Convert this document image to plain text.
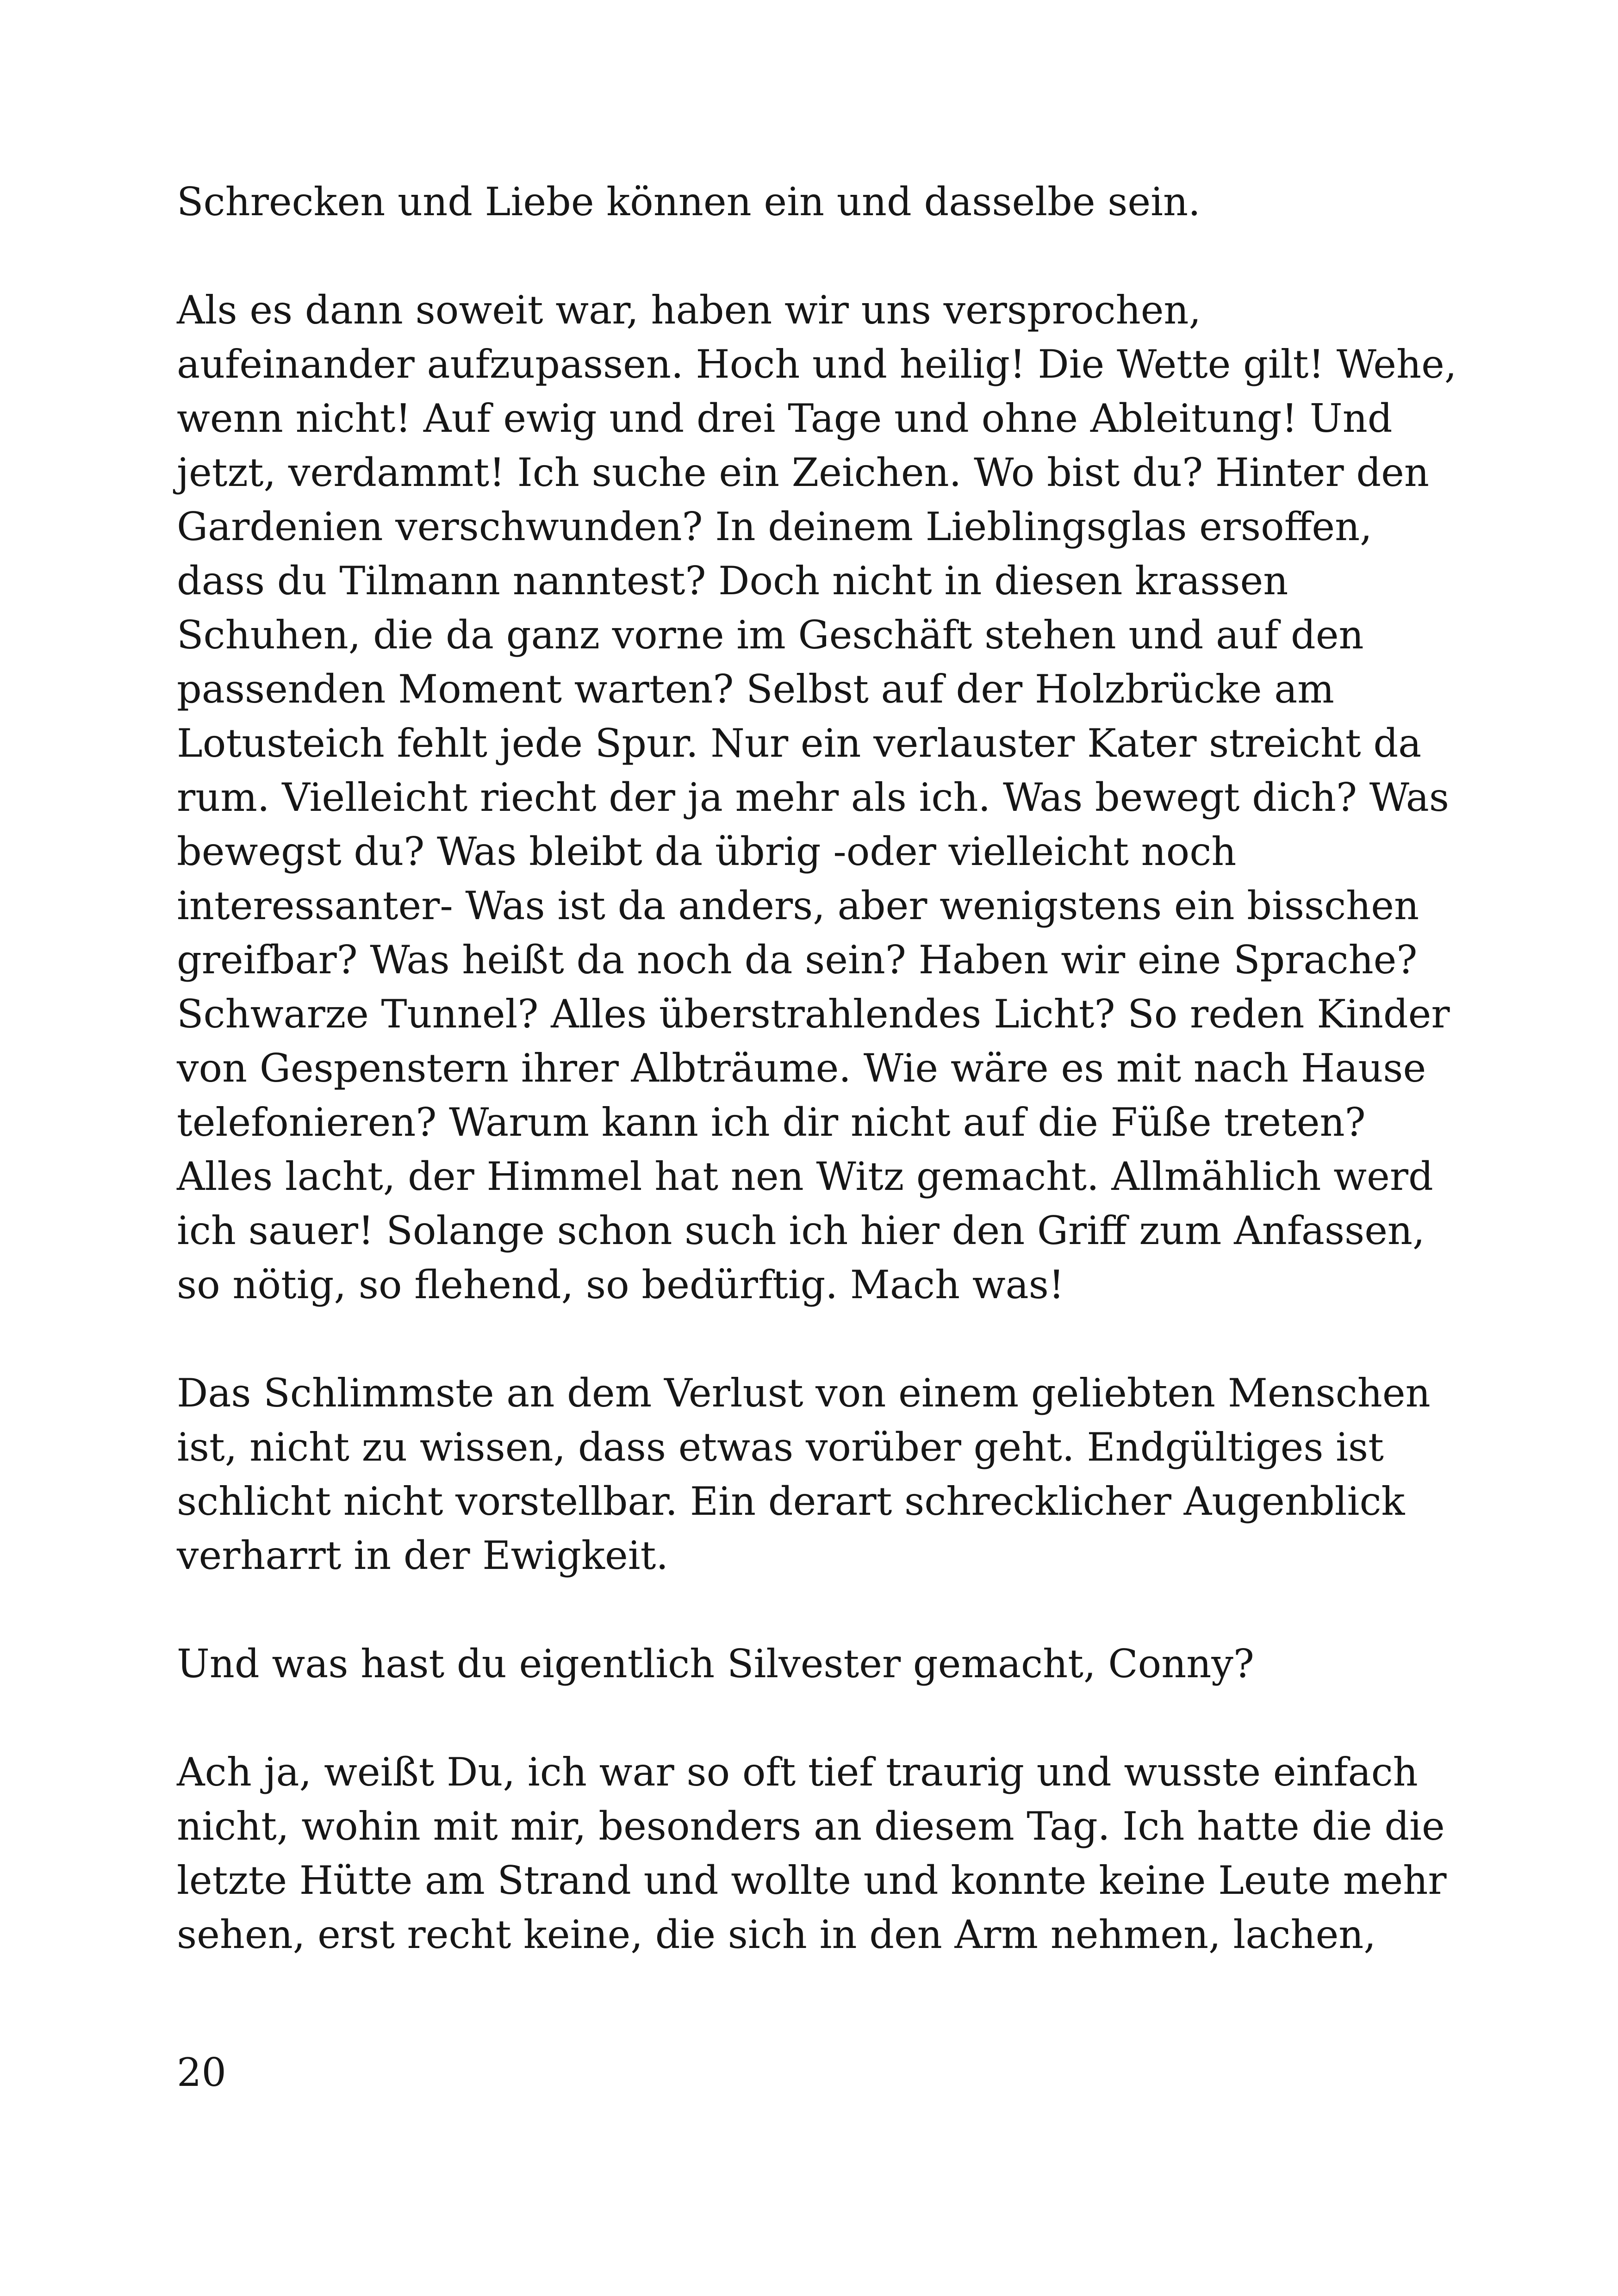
Schrecken und Liebe können ein und dasselbe sein.
Als es dann soweit war, haben wir uns versprochen,
aufeinander aufzupassen. Hoch und heilig! Die Wette gilt! Wehe,
wenn nicht! Auf ewig und drei Tage und ohne Ableitung! Und
jetzt, verdammt! Ich suche ein Zeichen. Wo bist du? Hinter den
Gardenien verschwunden? In deinem Lieblingsglas ersoffen,
dass du Tilmann nanntest? Doch nicht in diesen krassen
Schuhen, die da ganz vorne im Geschäft stehen und auf den
passenden Moment warten? Selbst auf der Holzbrücke am
Lotusteich fehlt jede Spur. Nur ein verlauster Kater streicht da
rum. Vielleicht riecht der ja mehr als ich. Was bewegt dich? Was
bewegst du? Was bleibt da übrig -oder vielleicht noch
interessanter- Was ist da anders, aber wenigstens ein bisschen
greifbar? Was heißt da noch da sein? Haben wir eine Sprache?
Schwarze Tunnel? Alles überstrahlendes Licht? So reden Kinder
von Gespenstern ihrer Albträume. Wie wäre es mit nach Hause
telefonieren? Warum kann ich dir nicht auf die Füße treten?
Alles lacht, der Himmel hat nen Witz gemacht. Allmählich werd
ich sauer! Solange schon such ich hier den Griff zum Anfassen,
so nötig, so flehend, so bedürftig. Mach was!
Das Schlimmste an dem Verlust von einem geliebten Menschen
ist, nicht zu wissen, dass etwas vorüber geht. Endgültiges ist
schlicht nicht vorstellbar. Ein derart schrecklicher Augenblick
verharrt in der Ewigkeit.
Und was hast du eigentlich Silvester gemacht, Conny?
Ach ja, weißt Du, ich war so oft tief traurig und wusste einfach
nicht, wohin mit mir, besonders an diesem Tag. Ich hatte die die
letzte Hütte am Strand und wollte und konnte keine Leute mehr
sehen, erst recht keine, die sich in den Arm nehmen, lachen,
20
